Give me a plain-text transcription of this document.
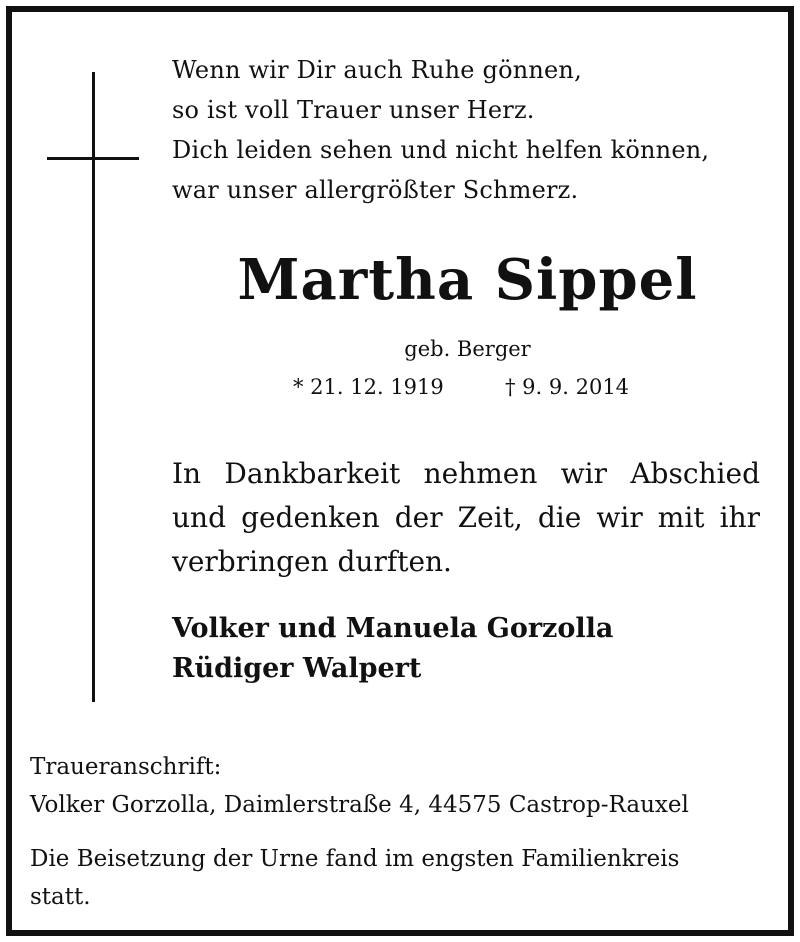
Wenn wir Dir auch Ruhe gönnen,
so ist voll Trauer unser Herz.
Dich leiden sehen und nicht helfen können,
war unser allergrößter Schmerz.
Martha Sippel
geb. Berger
* 21. 12. 1919	† 9. 9. 2014
In Dankbarkeit nehmen wir Abschied
und gedenken der Zeit, die wir mit ihr
verbringen durften.
Volker und Manuela Gorzolla
Rüdiger Walpert
Traueranschrift:
Volker Gorzolla, Daimlerstraße 4, 44575 Castrop-Rauxel
Die Beisetzung der Urne fand im engsten Familienkreis
statt.
